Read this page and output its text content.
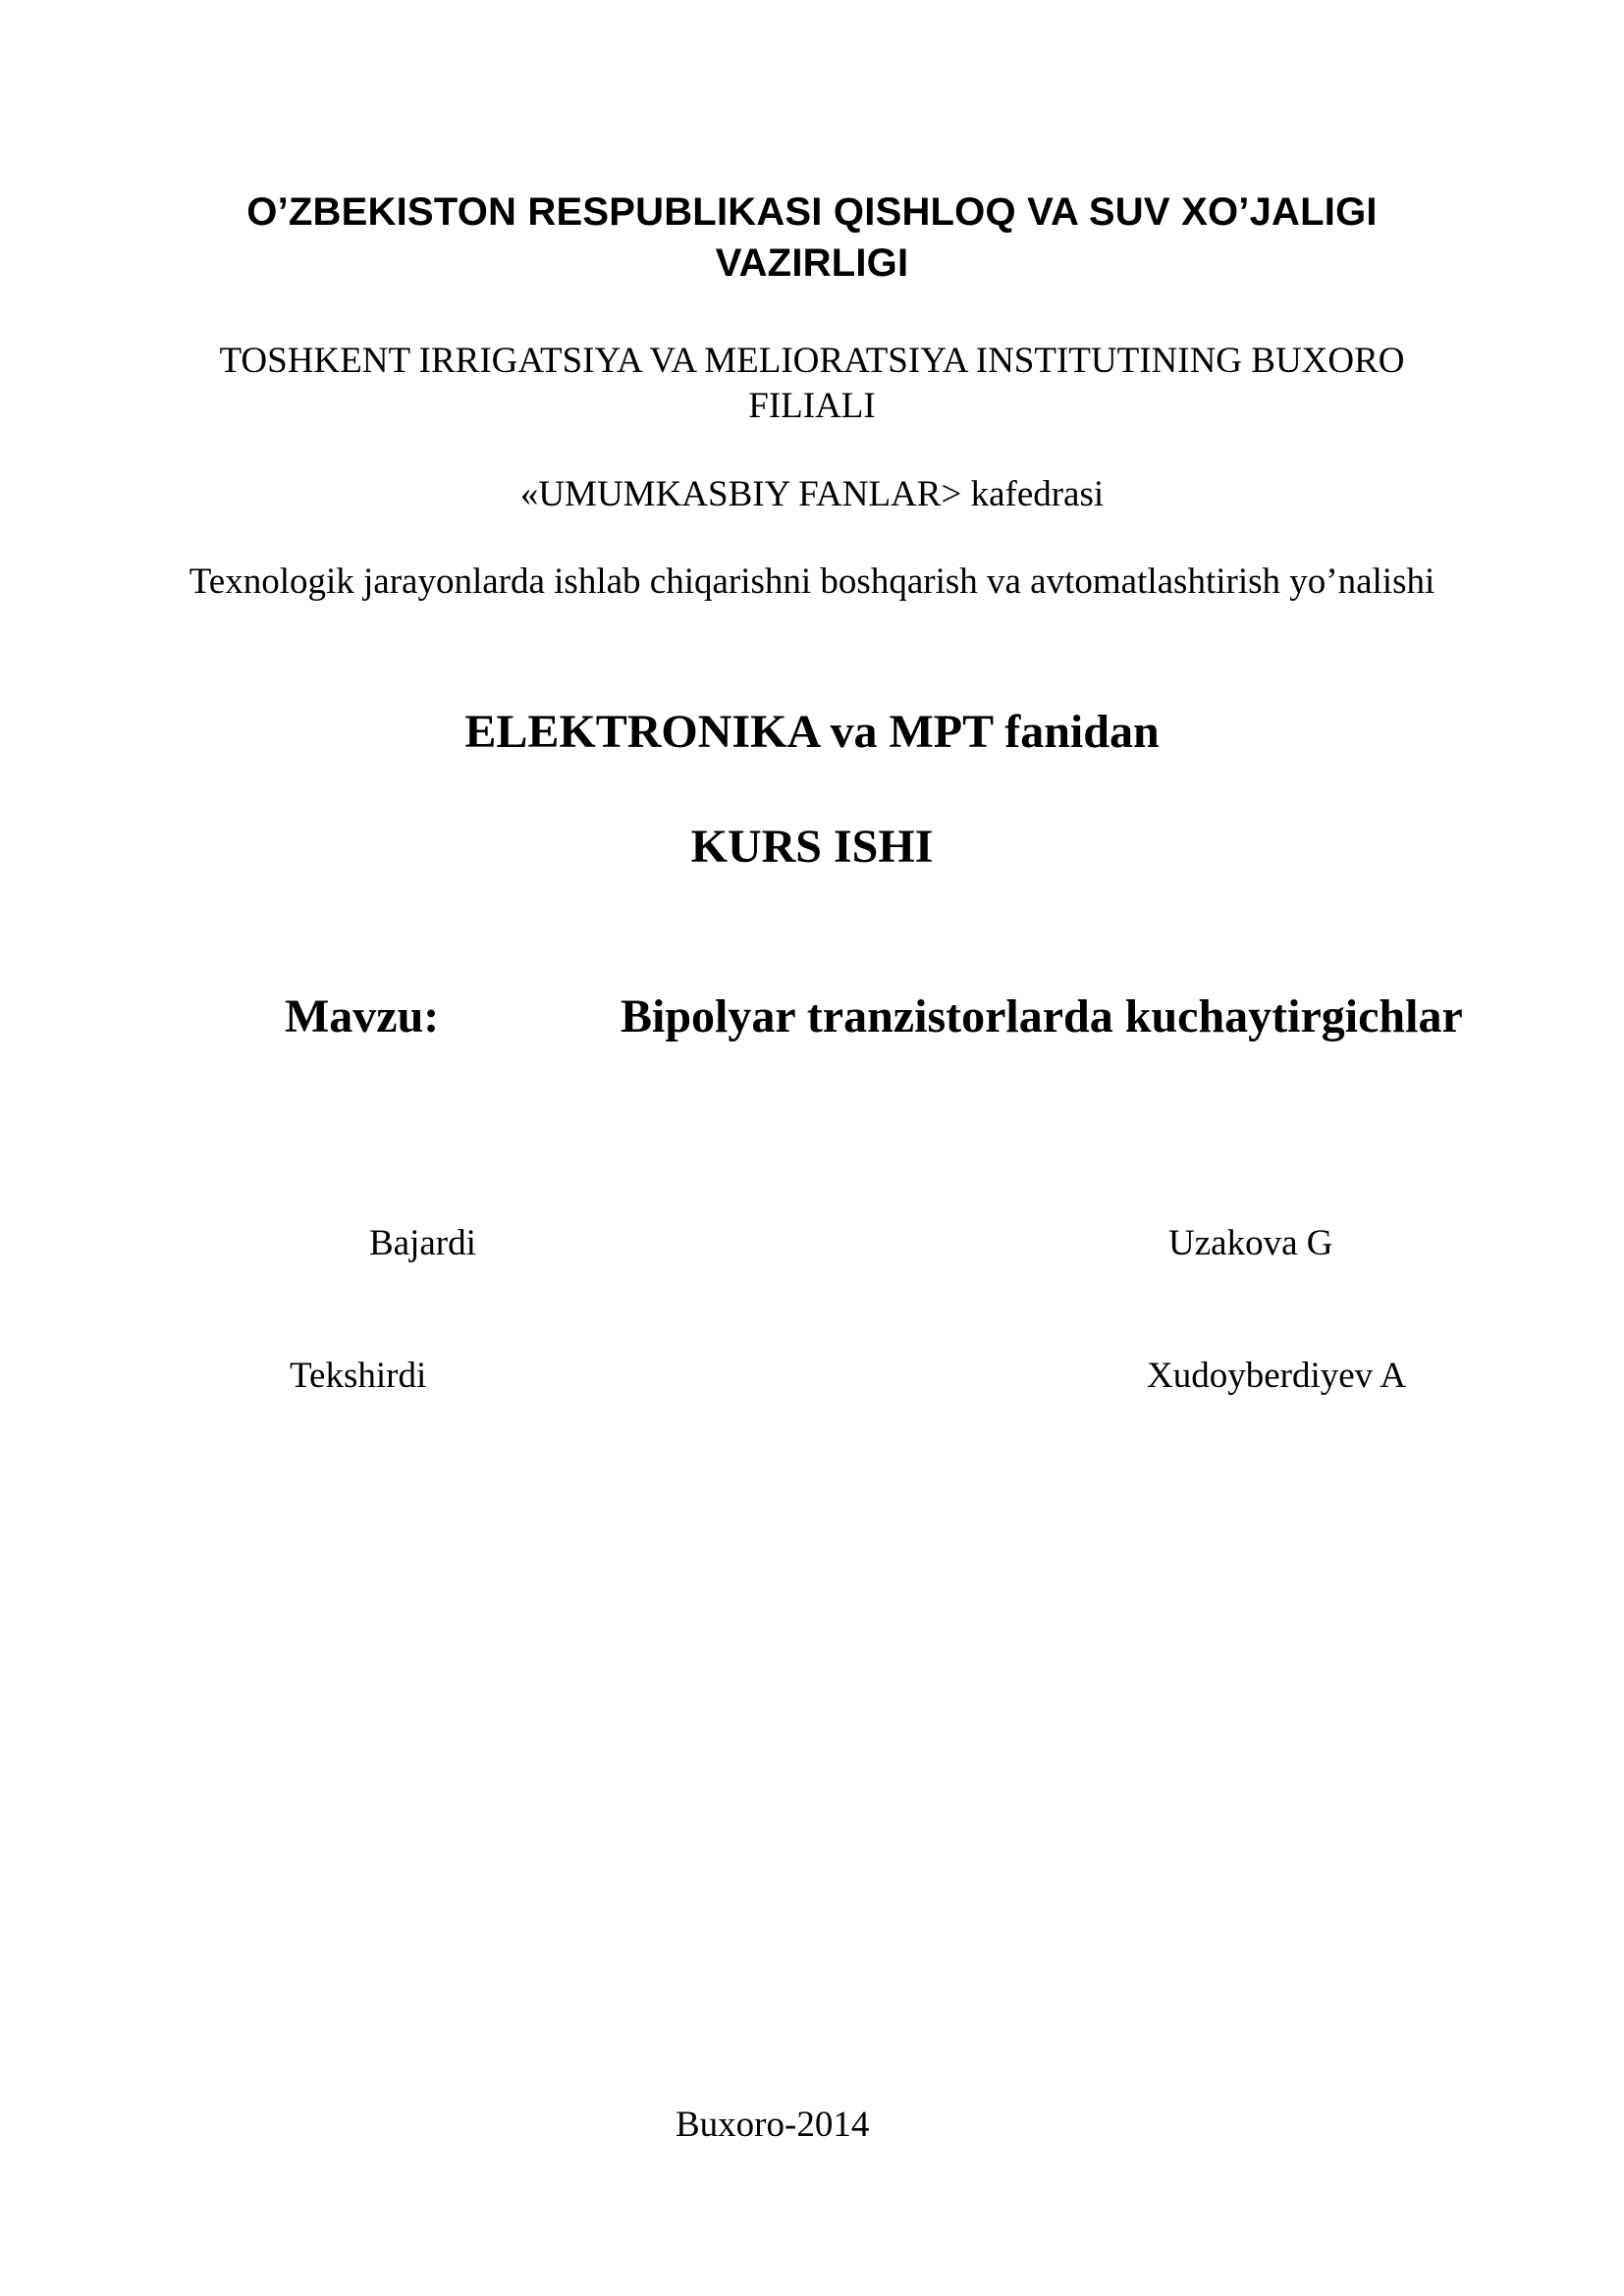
O’ZBEKISTON RESPUBLIKASI QISHLOQ VA SUV XO’JALIGI
VAZIRLIGI
TOSHKENT IRRIGATSIYA VA MELIORATSIYA INSTITUTINING BUXORO
FILIALI
«UMUMKASBIY FANLAR> kafedrasi
Texnologik jarayonlarda ishlab chiqarishni boshqarish va avtomatlashtirish yo’nalishi
ELEKTRONIKA va MPT fanidan
KURS ISHI
Mavzu:	Bipolyar tranzistorlarda kuchaytirgichlar
Bajardi	Uzakova G
Tekshirdi	Xudoyberdiyev A
Buxoro-2014
